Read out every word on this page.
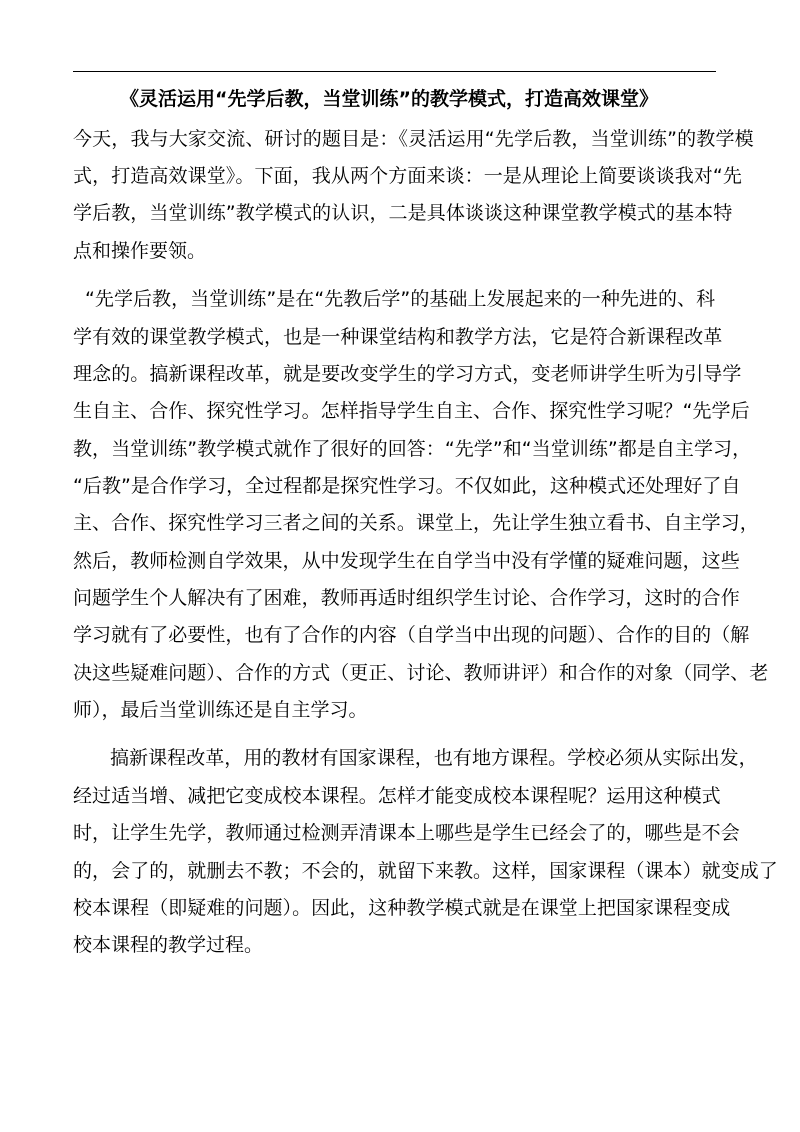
《灵活运用“先学后教，当堂训练”的教学模式，打造高效课堂》
今天，我与大家交流、研讨的题目是：《灵活运用“先学后教，当堂训练”的教学模
式，打造高效课堂》。下面，我从两个方面来谈：一是从理论上简要谈谈我对“先
学后教，当堂训练”教学模式的认识，二是具体谈谈这种课堂教学模式的基本特
点和操作要领。
“先学后教，当堂训练”是在“先教后学”的基础上发展起来的一种先进的、科
学有效的课堂教学模式，也是一种课堂结构和教学方法，它是符合新课程改革
理念的。搞新课程改革，就是要改变学生的学习方式，变老师讲学生听为引导学
生自主、合作、探究性学习。怎样指导学生自主、合作、探究性学习呢？“先学后
教，当堂训练”教学模式就作了很好的回答：“先学”和“当堂训练”都是自主学习，
“后教”是合作学习，全过程都是探究性学习。不仅如此，这种模式还处理好了自
主、合作、探究性学习三者之间的关系。课堂上，先让学生独立看书、自主学习，
然后，教师检测自学效果，从中发现学生在自学当中没有学懂的疑难问题，这些
问题学生个人解决有了困难，教师再适时组织学生讨论、合作学习，这时的合作
学习就有了必要性，也有了合作的内容（自学当中出现的问题）、合作的目的（解
决这些疑难问题）、合作的方式（更正、讨论、教师讲评）和合作的对象（同学、老
师），最后当堂训练还是自主学习。
搞新课程改革，用的教材有国家课程，也有地方课程。学校必须从实际出发，
经过适当增、减把它变成校本课程。怎样才能变成校本课程呢？运用这种模式
时，让学生先学，教师通过检测弄清课本上哪些是学生已经会了的，哪些是不会
的，会了的，就删去不教；不会的，就留下来教。这样，国家课程（课本）就变成了
校本课程（即疑难的问题）。因此，这种教学模式就是在课堂上把国家课程变成
校本课程的教学过程。
